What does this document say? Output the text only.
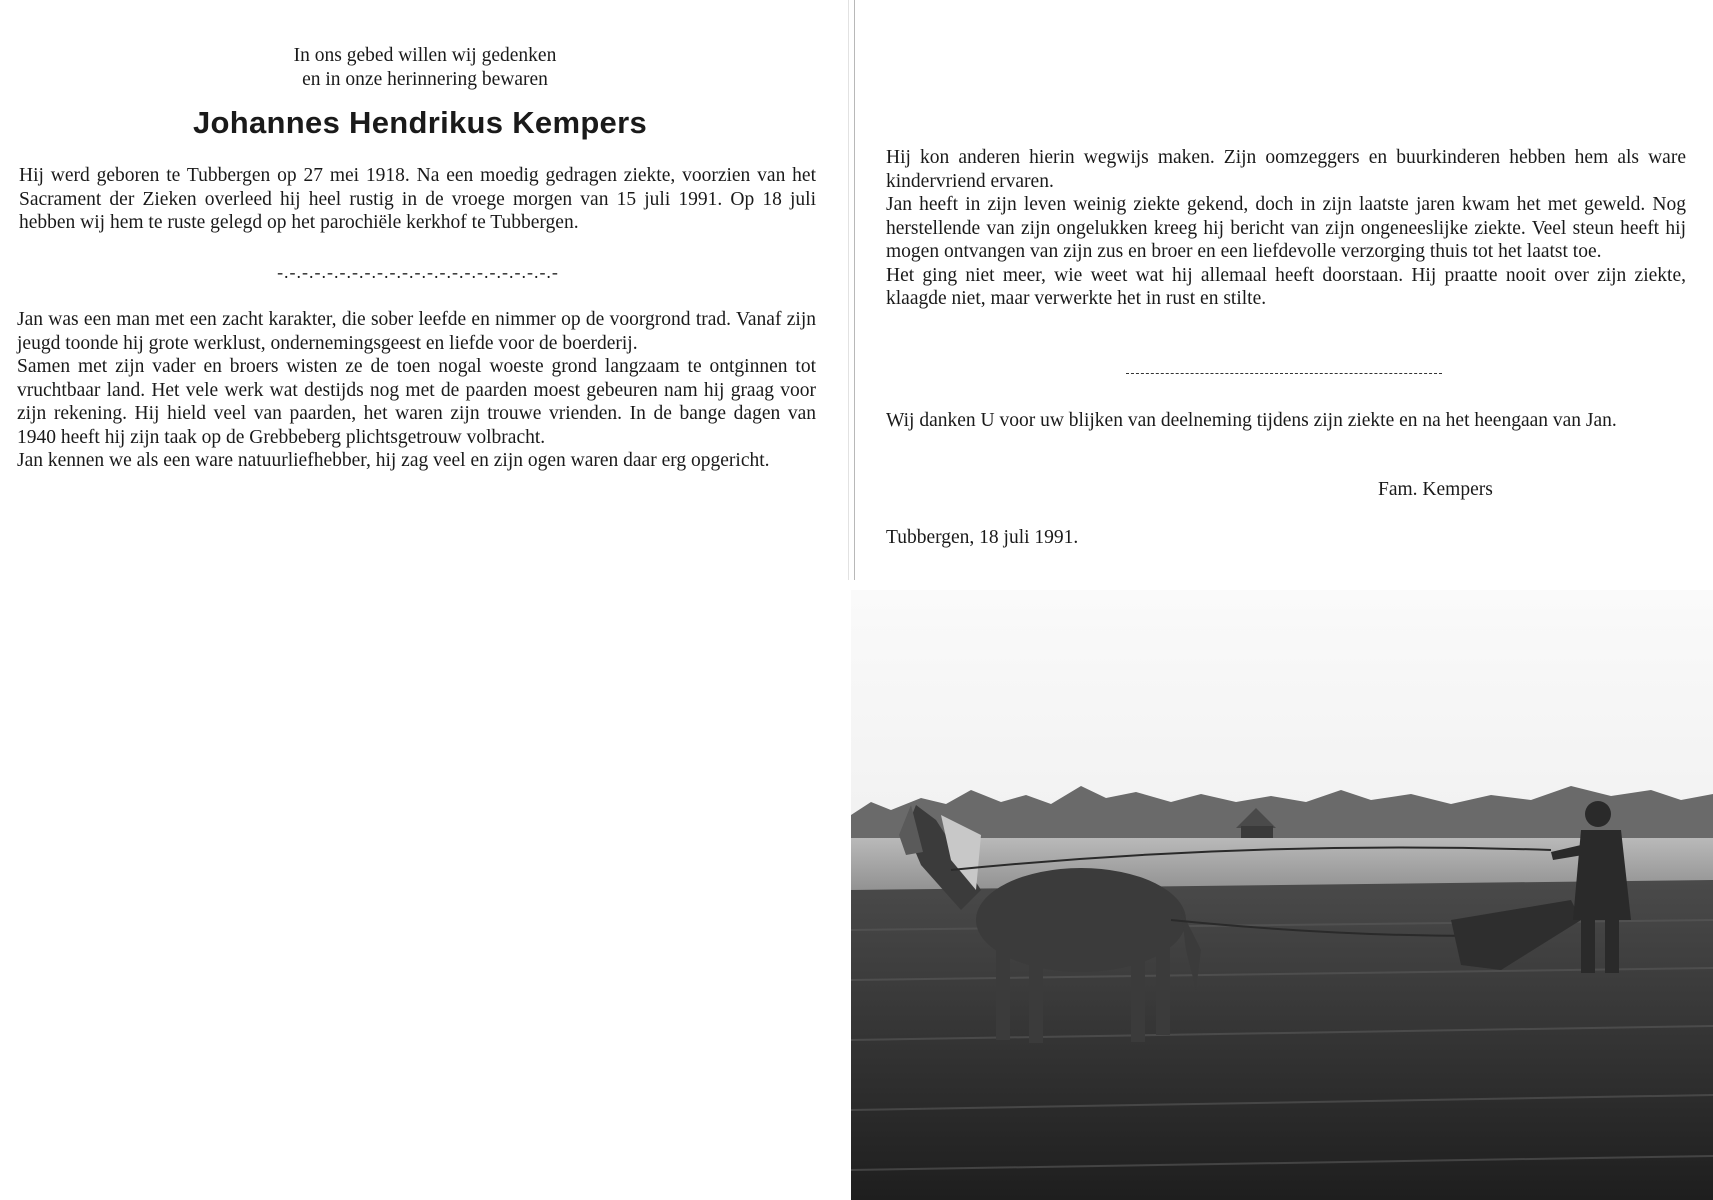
In ons gebed willen wij gedenken
en in onze herinnering bewaren
Johannes Hendrikus Kempers

Hij werd geboren te Tubbergen op 27 mei 1918. Na een moedig gedragen ziekte, voorzien van het Sacrament der Zieken overleed hij heel rustig in de vroege morgen van 15 juli 1991. Op 18 juli hebben wij hem te ruste gelegd op het parochiële kerkhof te Tubbergen.

-.-.-.-.-.-.-.-.-.-.-.-.-.-.-.-.-.-.-.-.-.-.-

Jan was een man met een zacht karakter, die sober leefde en nimmer op de voorgrond trad. Vanaf zijn jeugd toonde hij grote werklust, ondernemingsgeest en liefde voor de boerderij.

Samen met zijn vader en broers wisten ze de toen nogal woeste grond langzaam te ontginnen tot vruchtbaar land. Het vele werk wat destijds nog met de paarden moest gebeuren nam hij graag voor zijn rekening. Hij hield veel van paarden, het waren zijn trouwe vrienden. In de bange dagen van 1940 heeft hij zijn taak op de Grebbeberg plichtsgetrouw volbracht.

Jan kennen we als een ware natuurliefhebber, hij zag veel en zijn ogen waren daar erg opgericht.

Hij kon anderen hierin wegwijs maken. Zijn oomzeggers en buurkinderen hebben hem als ware kindervriend ervaren.

Jan heeft in zijn leven weinig ziekte gekend, doch in zijn laatste jaren kwam het met geweld. Nog herstellende van zijn ongelukken kreeg hij bericht van zijn ongeneeslijke ziekte. Veel steun heeft hij mogen ontvangen van zijn zus en broer en een liefdevolle verzorging thuis tot het laatst toe.

Het ging niet meer, wie weet wat hij allemaal heeft doorstaan. Hij praatte nooit over zijn ziekte, klaagde niet, maar verwerkte het in rust en stilte.

Wij danken U voor uw blijken van deelneming tijdens zijn ziekte en na het heengaan van Jan.

Fam. Kempers
Tubbergen, 18 juli 1991.
